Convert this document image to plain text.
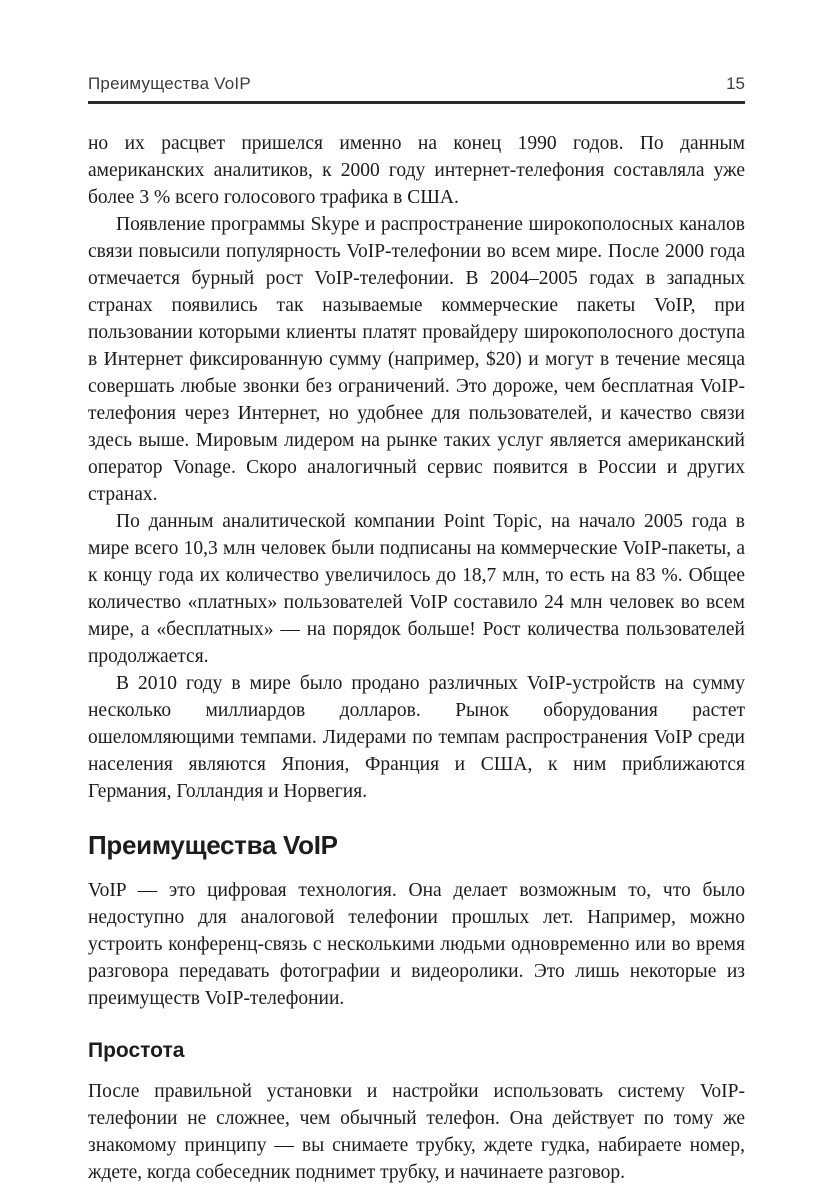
Преимущества VoIP	15

но их расцвет пришелся именно на конец 1990 годов. По данным американских аналитиков, к 2000 году интернет-телефония составляла уже более 3 % всего голосового трафика в США.

Появление программы Skype и распространение широкополосных каналов связи повысили популярность VoIP-телефонии во всем мире. После 2000 года отмечается бурный рост VoIP-телефонии. В 2004–2005 годах в западных странах появились так называемые коммерческие пакеты VoIP, при пользовании которыми клиенты платят провайдеру широкополосного доступа в Интернет фиксированную сумму (например, $20) и могут в течение месяца совершать любые звонки без ограничений. Это дороже, чем бесплатная VoIP-телефония через Интернет, но удобнее для пользователей, и качество связи здесь выше. Мировым лидером на рынке таких услуг является американский оператор Vonage. Скоро аналогичный сервис появится в России и других странах.

По данным аналитической компании Point Topic, на начало 2005 года в мире всего 10,3 млн человек были подписаны на коммерческие VoIP-пакеты, а к концу года их количество увеличилось до 18,7 млн, то есть на 83 %. Общее количество «платных» пользователей VoIP составило 24 млн человек во всем мире, а «бесплатных» — на порядок больше! Рост количества пользователей продолжается.

В 2010 году в мире было продано различных VoIP-устройств на сумму несколько миллиардов долларов. Рынок оборудования растет ошеломляющими темпами. Лидерами по темпам распространения VoIP среди населения являются Япония, Франция и США, к ним приближаются Германия, Голландия и Норвегия.

Преимущества VoIP

VoIP — это цифровая технология. Она делает возможным то, что было недоступно для аналоговой телефонии прошлых лет. Например, можно устроить конференц-связь с несколькими людьми одновременно или во время разговора передавать фотографии и видеоролики. Это лишь некоторые из преимуществ VoIP-телефонии.

Простота

После правильной установки и настройки использовать систему VoIP-телефонии не сложнее, чем обычный телефон. Она действует по тому же знакомому принципу — вы снимаете трубку, ждете гудка, набираете номер, ждете, когда собеседник поднимет трубку, и начинаете разговор.
